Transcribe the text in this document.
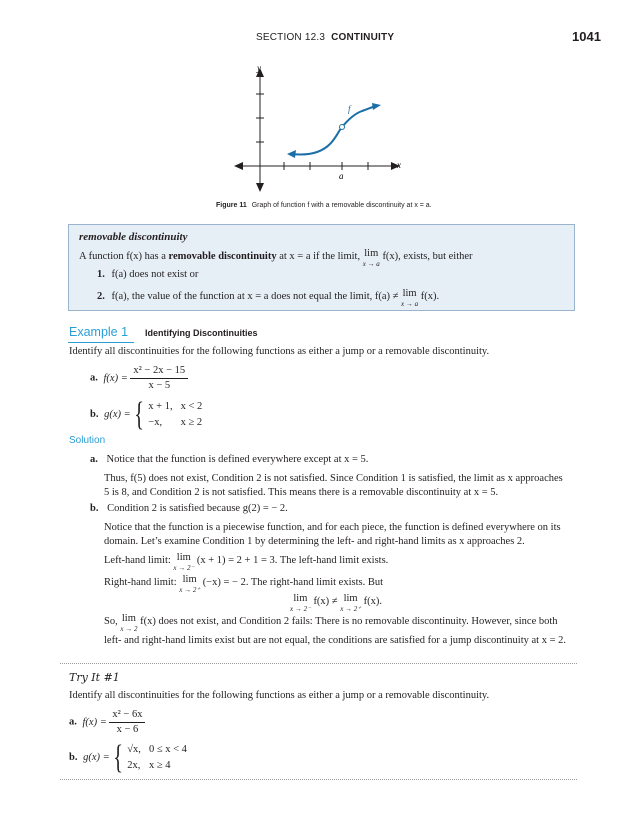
SECTION 12.3 CONTINUITY	1041
y
x
a
f
Figure 11 Graph of function f with a removable discontinuity at x = a.
removable discontinuity
A function f(x) has a removable discontinuity at x = a if the limit, lim
x → a
f(x), exists, but either
1. f(a) does not exist or
2. f(a), the value of the function at x = a does not equal the limit, f(a) ≠ lim
x → a
f(x).
Example 1 Identifying Discontinuities
Identify all discontinuities for the following functions as either a jump or a removable discontinuity.
a. $f(x) = \frac{\text{x² − 2x − 15}}{x - 5}$
b. g(x) = { x + 1,	x < 2
−x,	x ≥ 2
Solution
a. Notice that the function is defined everywhere except at x = 5.
Thus, f(5) does not exist, Condition 2 is not satisfied. Since Condition 1 is satisfied, the limit as x approaches
5 is 8, and Condition 2 is not satisfied. This means there is a removable discontinuity at x = 5.
b. Condition 2 is satisfied because g(2) = − 2.
Notice that the function is a piecewise function, and for each piece, the function is defined everywhere on its
domain. Let’s examine Condition 1 by determining the left- and right-hand limits as x approaches 2.
Left-hand limit: lim
x → 2⁻
(x + 1) = 2 + 1 = 3. The left-hand limit exists.
Right-hand limit: lim
x → 2⁺
(−x) = − 2. The right-hand limit exists. But
lim
x → 2⁻
f(x) ≠ lim
x → 2⁺
f(x).
So, lim
x → 2
f(x) does not exist, and Condition 2 fails: There is no removable discontinuity. However, since both
left- and right-hand limits exist but are not equal, the conditions are satisfied for a jump discontinuity at x = 2.
Try It #1
Identify all discontinuities for the following functions as either a jump or a removable discontinuity.
a. $f(x) = \frac{\text{x² − 6x}}{x - 6}$
b. g(x) = { √x,	0 ≤ x < 4
2x,	x ≥ 4
